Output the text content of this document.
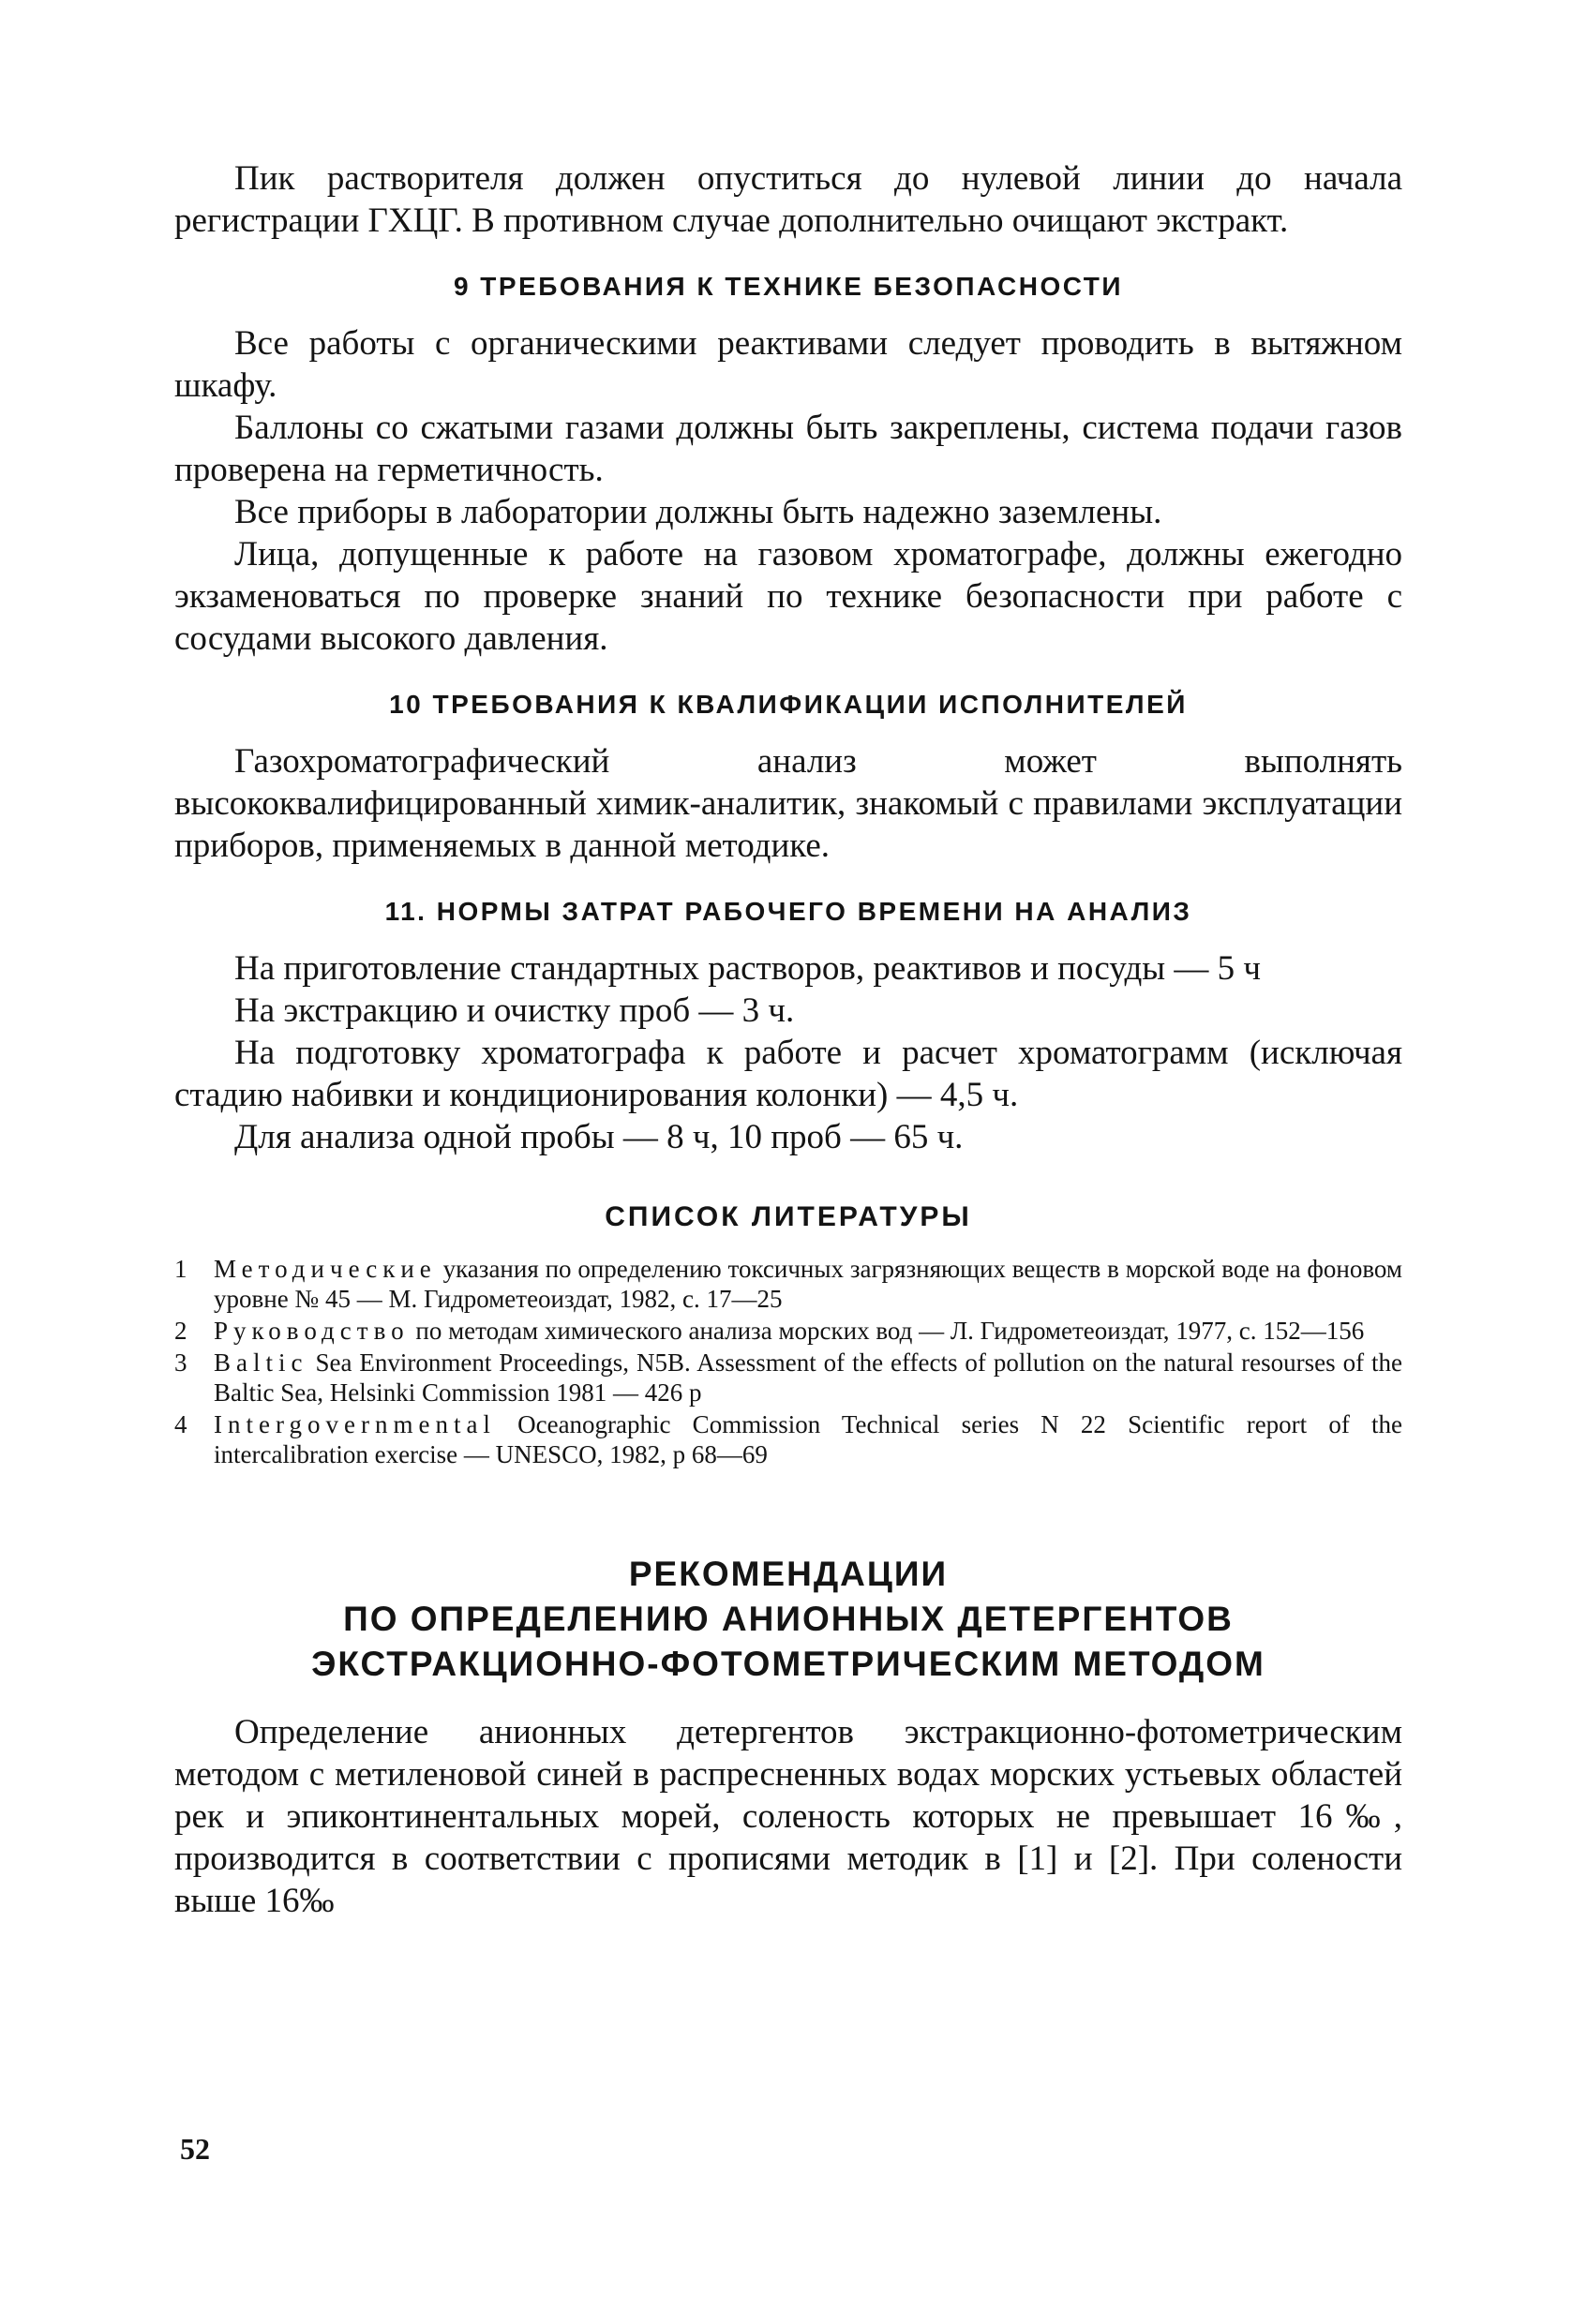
Пик растворителя должен опуститься до нулевой линии до начала регистрации ГХЦГ. В противном случае дополнительно очищают экстракт.

9 ТРЕБОВАНИЯ К ТЕХНИКЕ БЕЗОПАСНОСТИ

Все работы с органическими реактивами следует проводить в вытяжном шкафу.

Баллоны со сжатыми газами должны быть закреплены, система подачи газов проверена на герметичность.

Все приборы в лаборатории должны быть надежно заземлены.

Лица, допущенные к работе на газовом хроматографе, должны ежегодно экзаменоваться по проверке знаний по технике безопасности при работе с сосудами высокого давления.

10 ТРЕБОВАНИЯ К КВАЛИФИКАЦИИ ИСПОЛНИТЕЛЕЙ

Газохроматографический анализ может выполнять высококвалифицированный химик-аналитик, знакомый с правилами эксплуатации приборов, применяемых в данной методике.

11. НОРМЫ ЗАТРАТ РАБОЧЕГО ВРЕМЕНИ НА АНАЛИЗ

На приготовление стандартных растворов, реактивов и посуды — 5 ч

На экстракцию и очистку проб — 3 ч.

На подготовку хроматографа к работе и расчет хроматограмм (исключая стадию набивки и кондиционирования колонки) — 4,5 ч.

Для анализа одной пробы — 8 ч, 10 проб — 65 ч.

СПИСОК ЛИТЕРАТУРЫ
1 Методические указания по определению токсичных загрязняющих веществ в морской воде на фоновом уровне № 45 — М. Гидрометеоиздат, 1982, с. 17—25
2 Руководство по методам химического анализа морских вод — Л. Гидрометеоиздат, 1977, с. 152—156
3 Baltic Sea Environment Proceedings, N5B. Assessment of the effects of pollution on the natural resourses of the Baltic Sea, Helsinki Commission 1981 — 426 p
4 Intergovernmental Oceanographic Commission Technical series N 22 Scientific report of the intercalibration exercise — UNESCO, 1982, p 68—69
РЕКОМЕНДАЦИИ
ПО ОПРЕДЕЛЕНИЮ АНИОННЫХ ДЕТЕРГЕНТОВ
ЭКСТРАКЦИОННО-ФОТОМЕТРИЧЕСКИМ МЕТОДОМ

Определение анионных детергентов экстракционно-фотометрическим методом с метиленовой синей в распресненных водах морских устьевых областей рек и эпиконтинентальных морей, соленость которых не превышает 16‰, производится в соответствии с прописями методик в [1] и [2]. При солености выше 16‰

52
